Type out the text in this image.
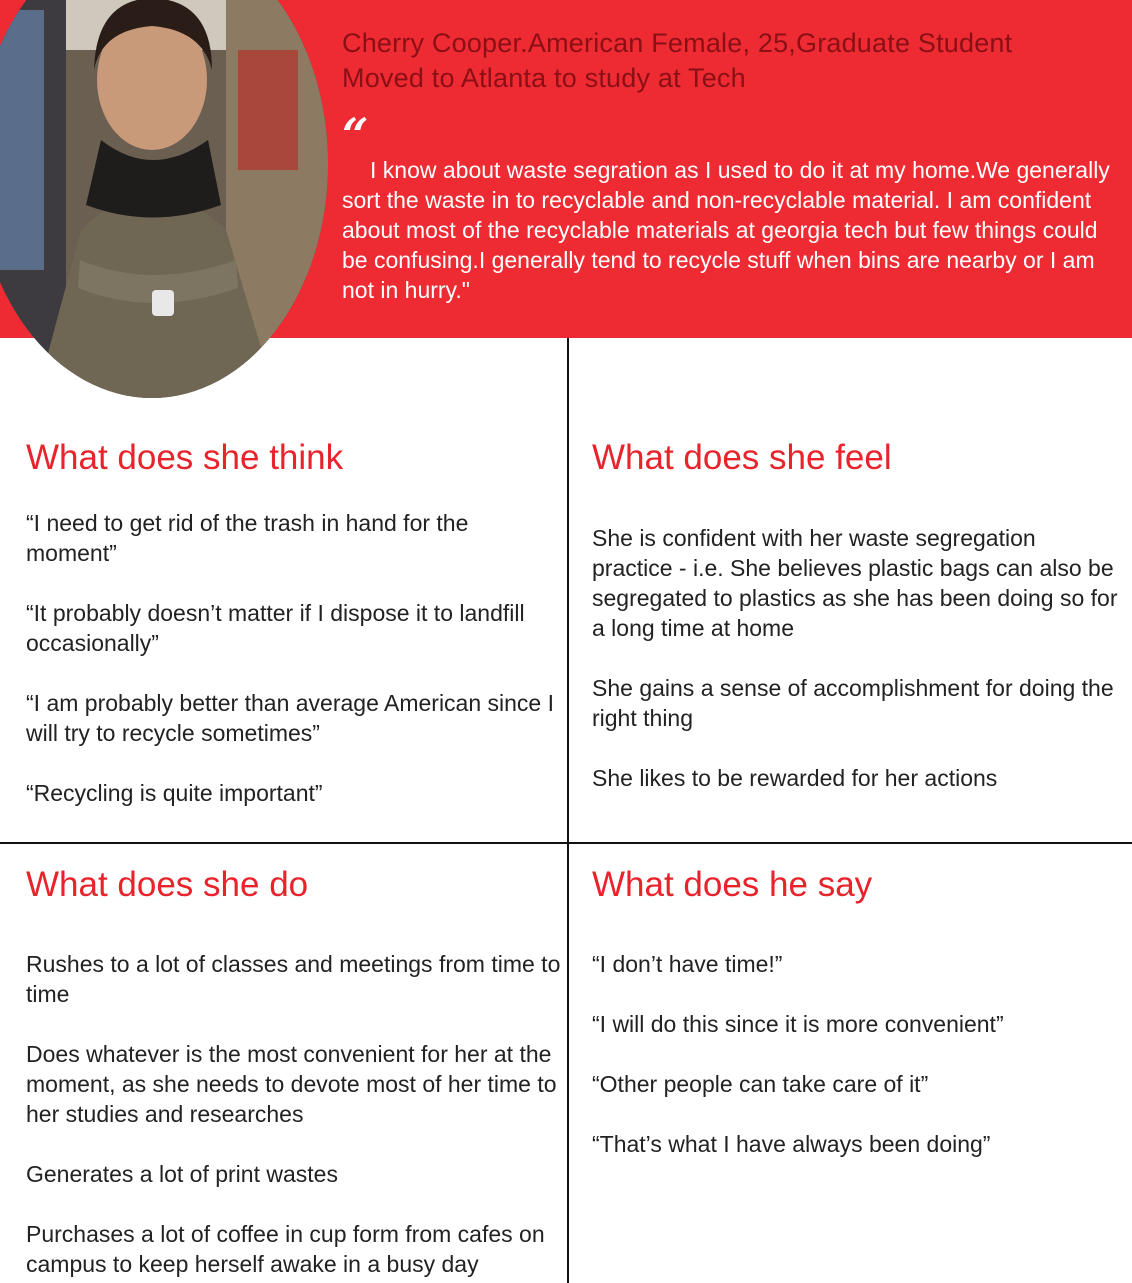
Cherry Cooper.American Female, 25,Graduate Student
Moved to Atlanta to study at Tech
“

I know about waste segration as I used to do it at my home.We generally sort the waste in to recyclable and non-recyclable material. I am confident about most of the recyclable materials at georgia tech but few things could be confusing.I generally tend to recycle stuff when bins are nearby or I am not in hurry."

What does she think

“I need to get rid of the trash in hand for the moment”

“It probably doesn’t matter if I dispose it to landfill occasionally”

“I am probably better than average American since I will try to recycle sometimes”

“Recycling is quite important”

What does she feel

She is confident with her waste segregation practice - i.e. She believes plastic bags can also be segregated to plastics as she has been doing so for a long time at home

She gains a sense of accomplishment for doing the right thing

She likes to be rewarded for her actions

What does she do

Rushes to a lot of classes and meetings from time to time

Does whatever is the most convenient for her at the moment, as she needs to devote most of her time to her studies and researches

Generates a lot of print wastes

Purchases a lot of coffee in cup form from cafes on campus to keep herself awake in a busy day

What does he say

“I don’t have time!”

“I will do this since it is more convenient”

“Other people can take care of it”

“That’s what I have always been doing”
